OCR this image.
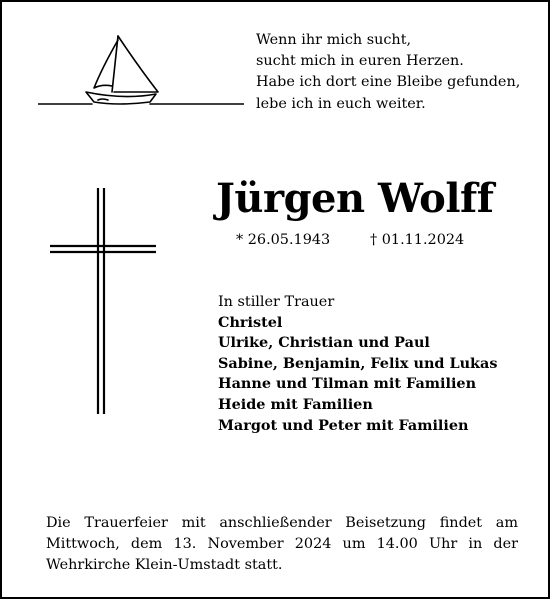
Wenn ihr mich sucht,
sucht mich in euren Herzen.
Habe ich dort eine Bleibe gefunden,
lebe ich in euch weiter.
Jürgen Wolff
* 26.05.1943	† 01.11.2024
In stiller Trauer
Christel
Ulrike, Christian und Paul
Sabine, Benjamin, Felix und Lukas
Hanne und Tilman mit Familien
Heide mit Familien
Margot und Peter mit Familien
Die Trauerfeier mit anschließender Beisetzung findet am
Mittwoch, dem 13. November 2024 um 14.00 Uhr in der
Wehrkirche Klein-Umstadt statt.
